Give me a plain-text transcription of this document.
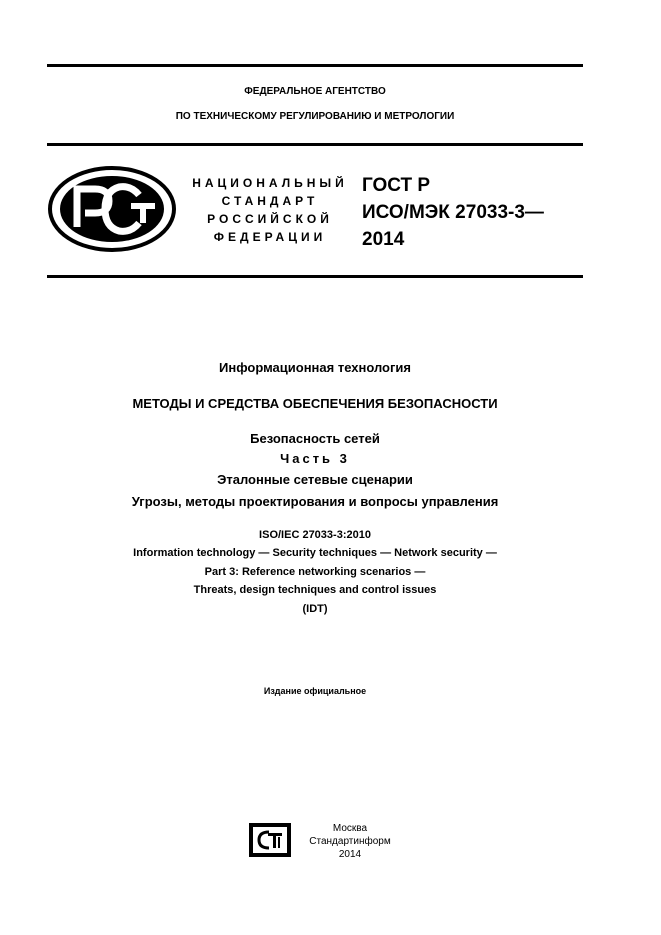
ФЕДЕРАЛЬНОЕ АГЕНТСТВО
ПО ТЕХНИЧЕСКОМУ РЕГУЛИРОВАНИЮ И МЕТРОЛОГИИ
НАЦИОНАЛЬНЫЙ
СТАНДАРТ
РОССИЙСКОЙ
ФЕДЕРАЦИИ
ГОСТ Р
ИСО/МЭК 27033-3—
2014
Информационная технология
МЕТОДЫ И СРЕДСТВА ОБЕСПЕЧЕНИЯ БЕЗОПАСНОСТИ
Безопасность сетей
Часть 3
Эталонные сетевые сценарии
Угрозы, методы проектирования и вопросы управления
ISO/IEC 27033-3:2010
Information technology — Security techniques — Network security —
Part 3: Reference networking scenarios —
Threats, design techniques and control issues
(IDT)
Издание официальное
Москва
Стандартинформ
2014
